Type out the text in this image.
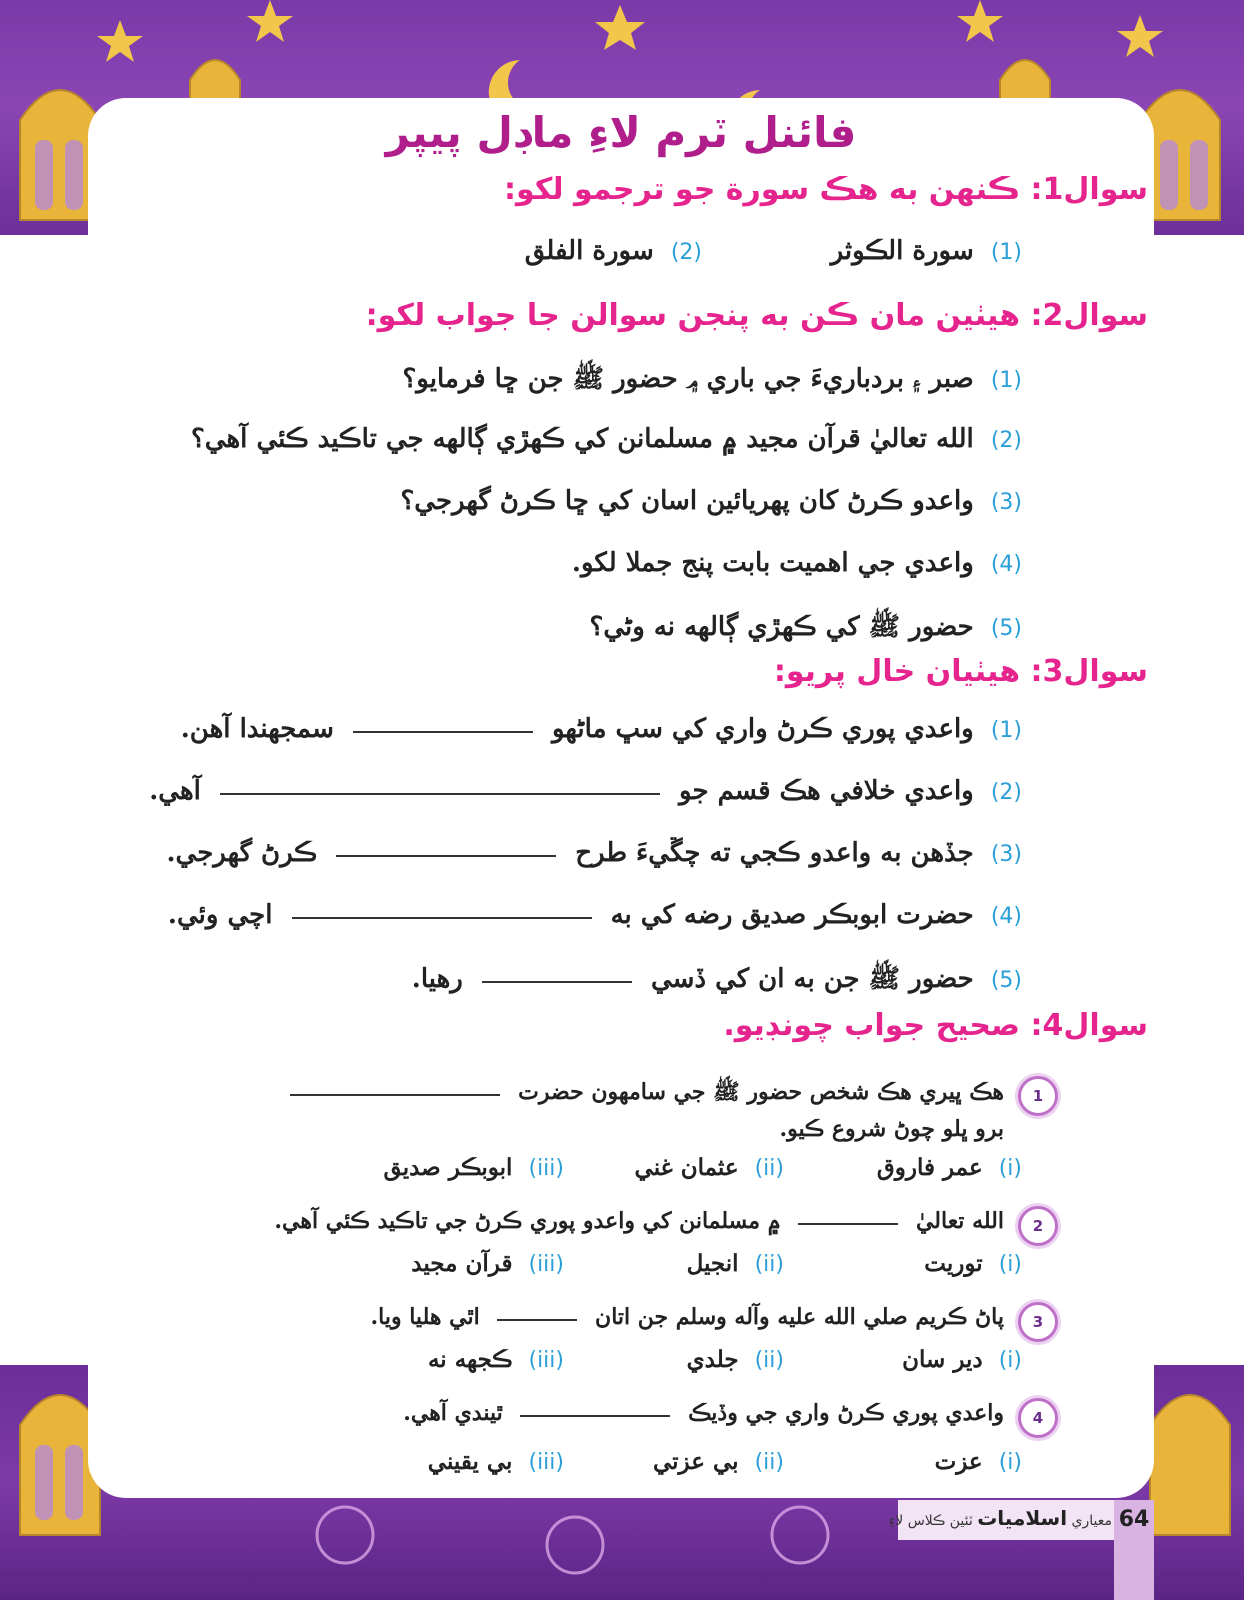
فائنل ٽرم لاءِ ماڊل پيپر
سوال1: ڪنهن به هڪ سورة جو ترجمو لکو:
(1) سورة الڪوثر
(2) سورة الفلق
سوال2: هيٺين مان ڪن به پنجن سوالن جا جواب لکو:
(1) صبر ۽ بردباريءَ جي باري ۾ حضور ﷺ جن ڇا فرمايو؟
(2) الله تعاليٰ قرآن مجيد ۾ مسلمانن کي ڪهڙي ڳالهه جي تاڪيد ڪئي آهي؟
(3) واعدو ڪرڻ کان پهريائين اسان کي ڇا ڪرڻ گهرجي؟
(4) واعدي جي اهميت بابت پنج جملا لکو.
(5) حضور ﷺ کي ڪهڙي ڳالهه نه وڻي؟
سوال3: هيٺيان خال پريو:
(1) واعدي پوري ڪرڻ واري کي سڀ ماڻهو  سمجهندا آهن.
(2) واعدي خلافي هڪ قسم جو  آهي.
(3) جڏهن به واعدو ڪجي ته چڱيءَ طرح  ڪرڻ گهرجي.
(4) حضرت ابوبڪر صديق رضه کي به  اچي وئي.
(5) حضور ﷺ جن به ان کي ڏسي  رهيا.
سوال4: صحيح جواب چونڊيو.
1
هڪ ڀيري هڪ شخص حضور ﷺ جي سامهون حضرت
برو ڀلو چوڻ شروع ڪيو.
(i) عمر فاروق
(ii) عثمان غني
(iii) ابوبڪر صديق
2
الله تعاليٰ  ۾ مسلمانن کي واعدو پوري ڪرڻ جي تاڪيد ڪئي آهي.
(i) توريت
(ii) انجيل
(iii) قرآن مجيد
3
پاڻ ڪريم صلي الله عليه وآله وسلم جن اتان  اٿي هليا ويا.
(i) دير سان
(ii) جلدي
(iii) ڪجهه نه
4
واعدي پوري ڪرڻ واري جي وڏيڪ  ٿيندي آهي.
(i) عزت
(ii) بي عزتي
(iii) بي يقيني
64
معياري اسلاميات ٽئين ڪلاس لاءِ
